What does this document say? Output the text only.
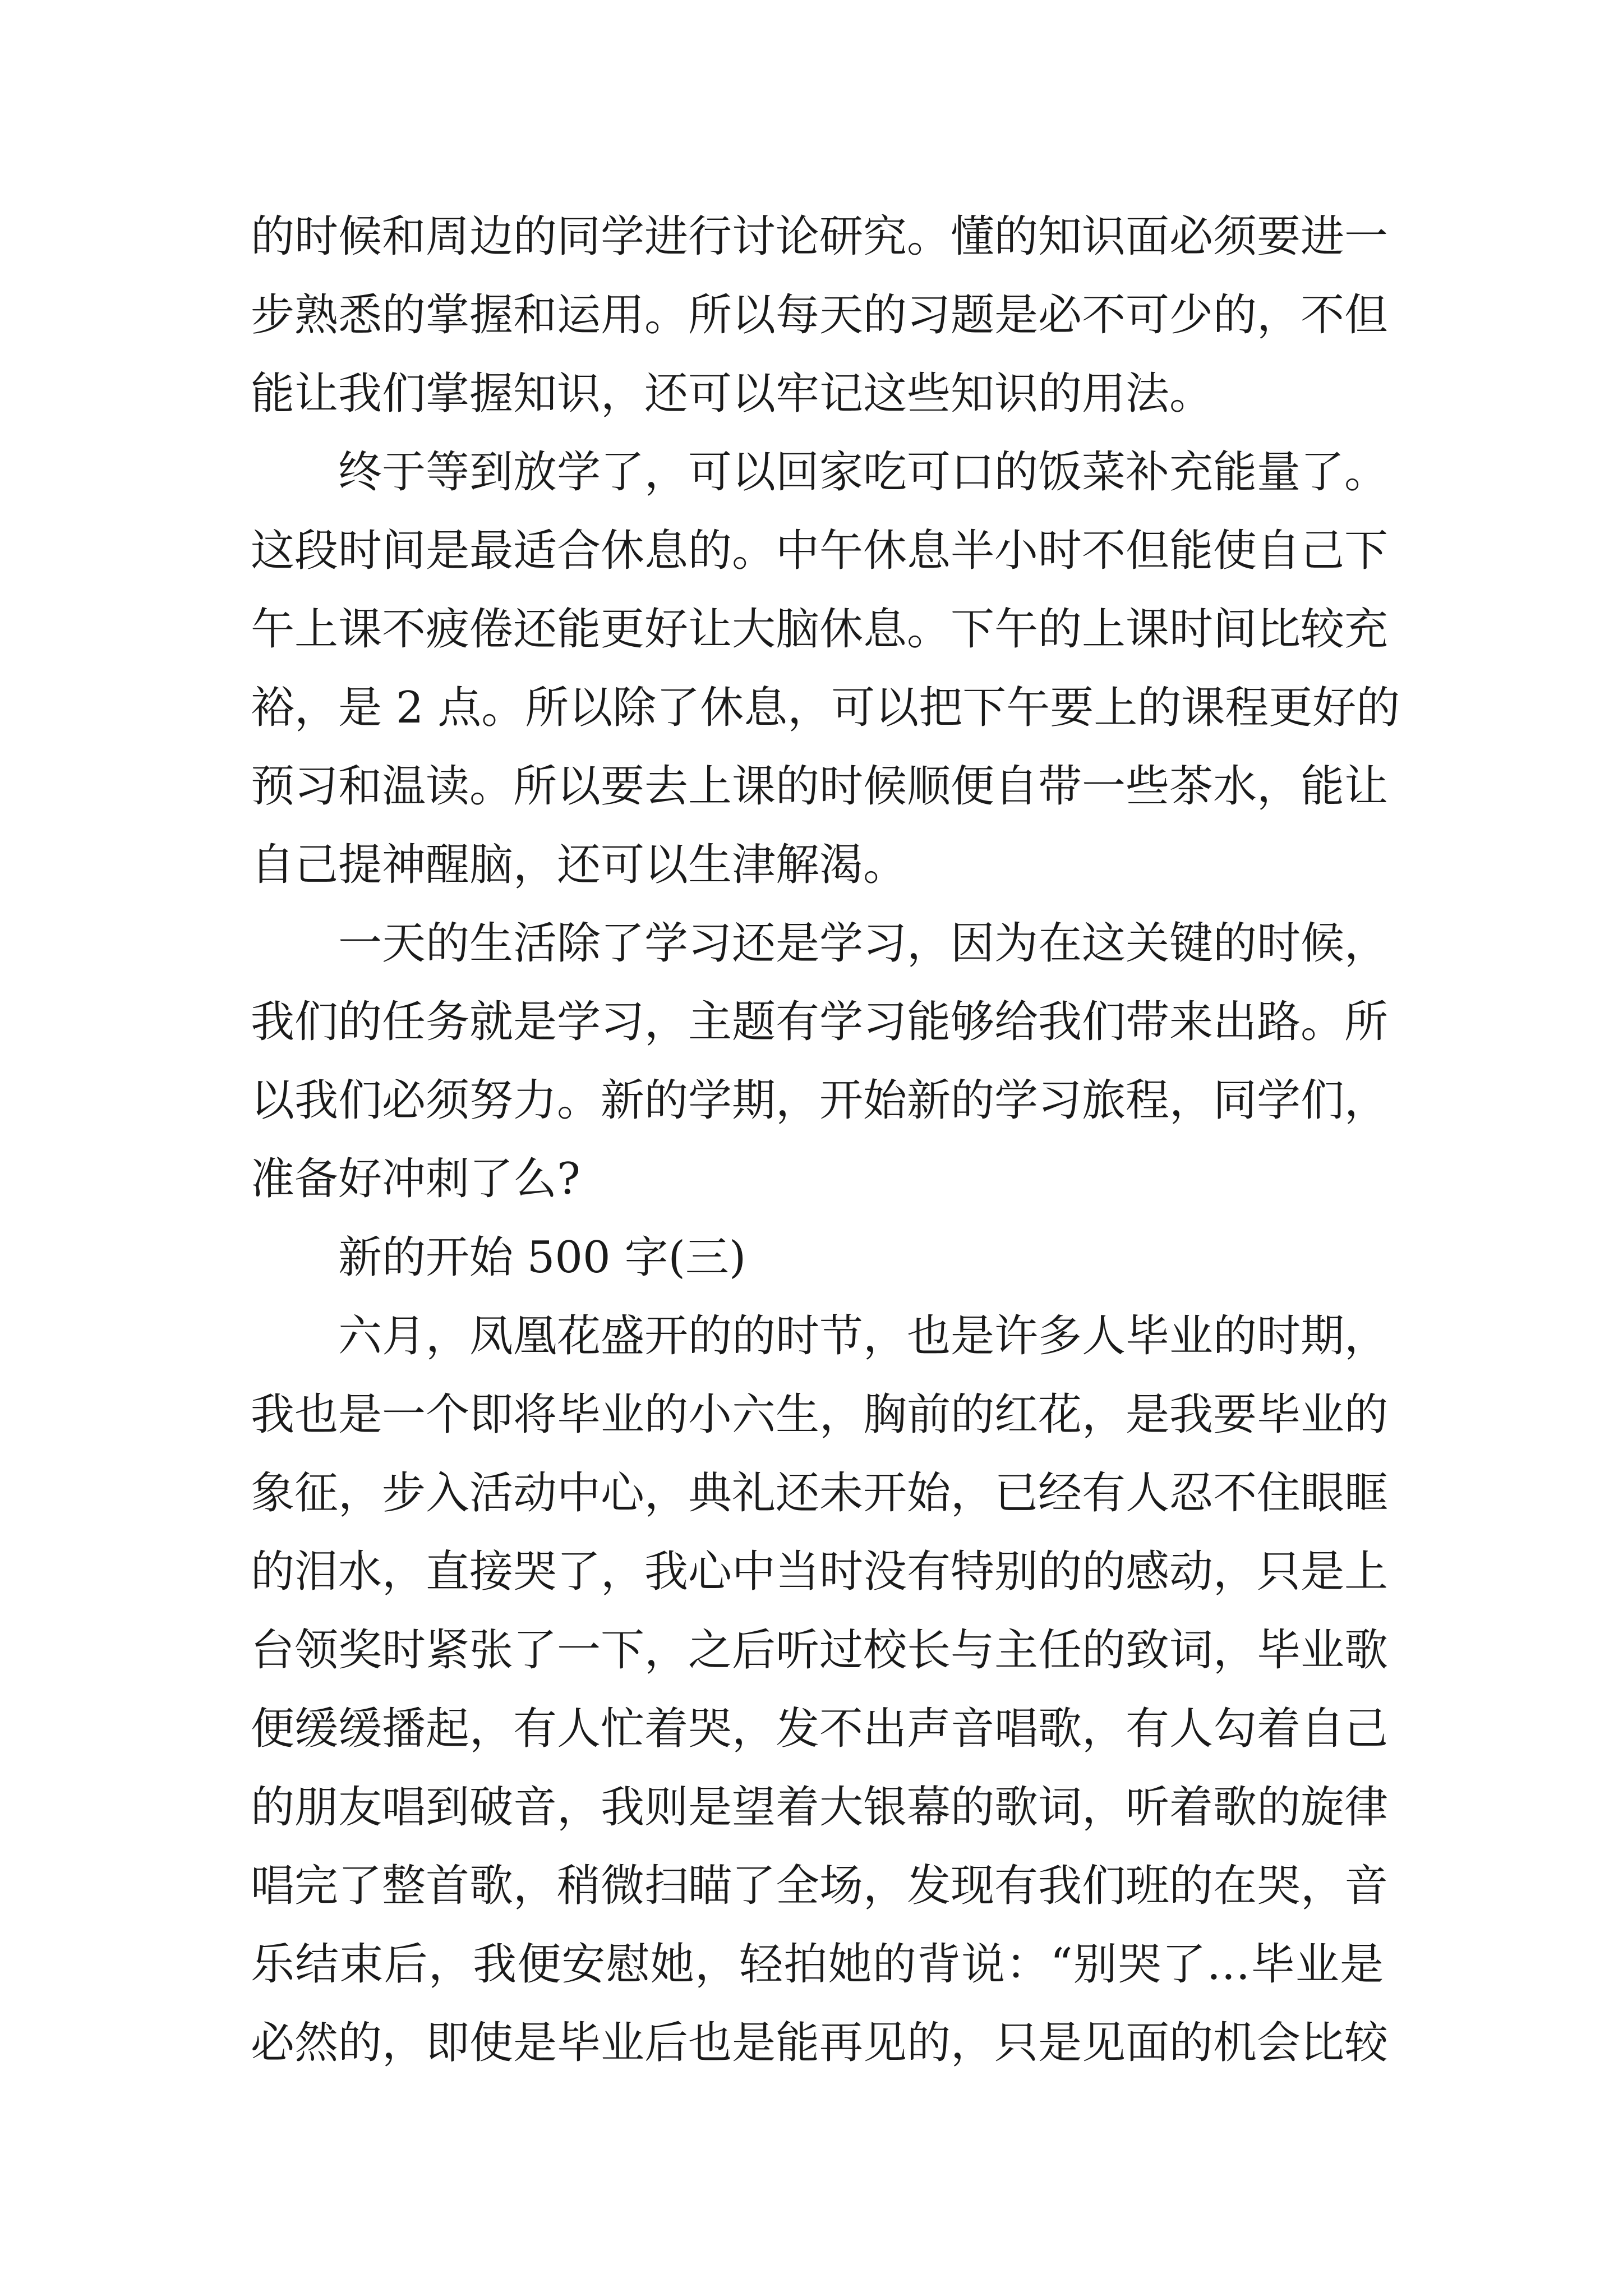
的时候和周边的同学进行讨论研究。懂的知识面必须要进一
步熟悉的掌握和运用。所以每天的习题是必不可少的，不但
能让我们掌握知识，还可以牢记这些知识的用法。
终于等到放学了，可以回家吃可口的饭菜补充能量了。
这段时间是最适合休息的。中午休息半小时不但能使自己下
午上课不疲倦还能更好让大脑休息。下午的上课时间比较充
裕，是 2 点。所以除了休息，可以把下午要上的课程更好的
预习和温读。所以要去上课的时候顺便自带一些茶水，能让
自己提神醒脑，还可以生津解渴。
一天的生活除了学习还是学习，因为在这关键的时候，
我们的任务就是学习，主题有学习能够给我们带来出路。所
以我们必须努力。新的学期，开始新的学习旅程，同学们，
准备好冲刺了么?
新的开始 500 字(三)
六月，凤凰花盛开的的时节，也是许多人毕业的时期，
我也是一个即将毕业的小六生，胸前的红花，是我要毕业的
象征，步入活动中心，典礼还未开始，已经有人忍不住眼眶
的泪水，直接哭了，我心中当时没有特别的的感动，只是上
台领奖时紧张了一下，之后听过校长与主任的致词，毕业歌
便缓缓播起，有人忙着哭，发不出声音唱歌，有人勾着自己
的朋友唱到破音，我则是望着大银幕的歌词，听着歌的旋律
唱完了整首歌，稍微扫瞄了全场，发现有我们班的在哭，音
乐结束后，我便安慰她，轻拍她的背说：“别哭了…毕业是
必然的，即使是毕业后也是能再见的，只是见面的机会比较
